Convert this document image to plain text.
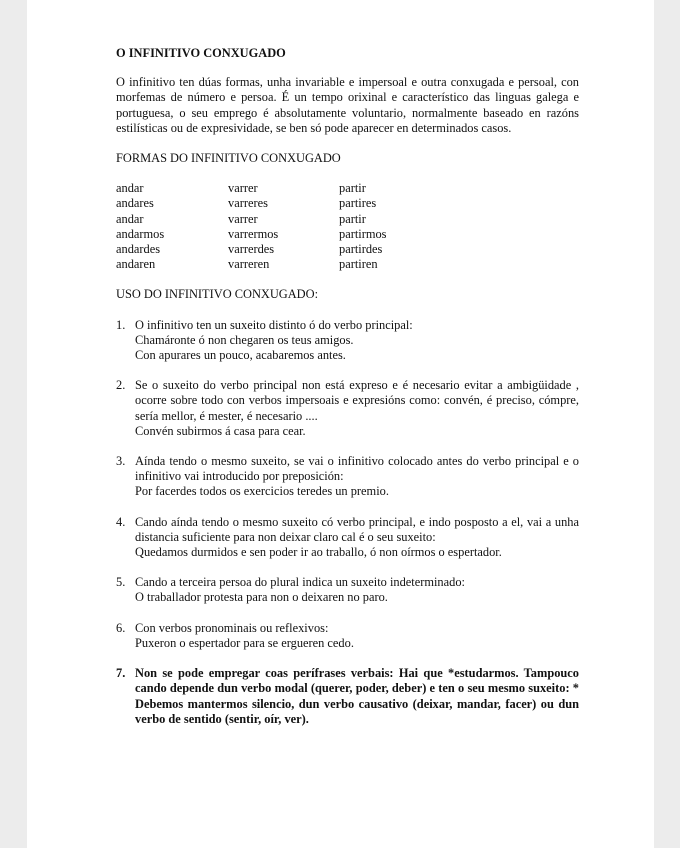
O INFINITIVO CONXUGADO

O infinitivo ten dúas formas, unha invariable e impersoal e outra conxugada e persoal, con morfemas de número e persoa. É un tempo orixinal e característico das linguas galega e portuguesa, o seu emprego é absolutamente voluntario, normalmente baseado en razóns estilísticas ou de expresividade, se ben só pode aparecer en determinados casos.

FORMAS DO INFINITIVO CONXUGADO

andar	varrer	partir
andares	varreres	partires
andar	varrer	partir
andarmos	varrermos	partirmos
andardes	varrerdes	partirdes
andaren	varreren	partiren

USO DO INFINITIVO CONXUGADO:

1. O infinitivo ten un suxeito distinto ó do verbo principal:
Chamáronte ó non chegaren os teus amigos.
Con apurares un pouco, acabaremos antes.
2. Se o suxeito do verbo principal non está expreso e é necesario evitar a ambigüidade , ocorre sobre todo con verbos impersoais e expresións como: convén, é preciso, cómpre, sería mellor, é mester, é necesario ....
Convén subirmos á casa para cear.
3. Aínda tendo o mesmo suxeito, se vai o infinitivo colocado antes do verbo principal e o infinitivo vai introducido por preposición:
Por facerdes todos os exercicios teredes un premio.
4. Cando aínda tendo o mesmo suxeito có verbo principal, e indo posposto a el, vai a unha distancia suficiente para non deixar claro cal é o seu suxeito:
Quedamos durmidos e sen poder ir ao traballo, ó non oírmos o espertador.
5. Cando a terceira persoa do plural indica un suxeito indeterminado:
O traballador protesta para non o deixaren no paro.
6. Con verbos pronominais ou reflexivos:
Puxeron o espertador para se ergueren cedo.
7. Non se pode empregar coas perífrases verbais: Hai que *estudarmos. Tampouco cando depende dun verbo modal (querer, poder, deber) e ten o seu mesmo suxeito: * Debemos mantermos silencio, dun verbo causativo (deixar, mandar, facer) ou dun verbo de sentido (sentir, oír, ver).
